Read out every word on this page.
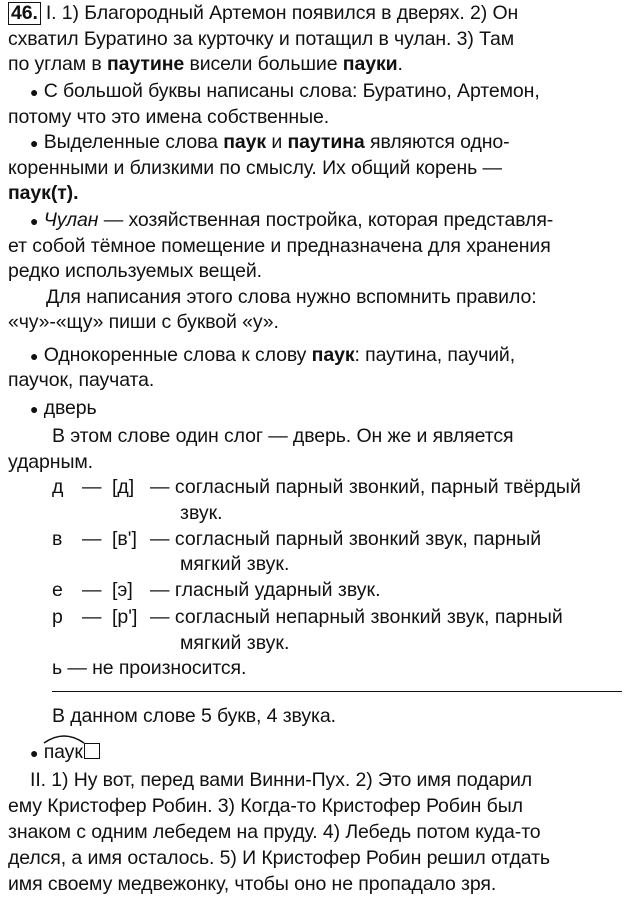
46. I. 1) Благородный Артемон появился в дверях. 2) Он
схватил Буратино за курточку и потащил в чулан. 3) Там
по углам в паутине висели большие пауки.
● С большой буквы написаны слова: Буратино, Артемон,
потому что это имена собственные.
● Выделенные слова паук и паутина являются одно-
коренными и близкими по смыслу. Их общий корень —
паук(т).
● Чулан — хозяйственная постройка, которая представля-
ет собой тёмное помещение и предназначена для хранения
редко используемых вещей.
Для написания этого слова нужно вспомнить правило:
«чу»-«щу» пиши с буквой «у».
● Однокоренные слова к слову паук: паутина, паучий,
паучок, паучата.
● дверь
В этом слове один слог — дверь. Он же и является
ударным.
д — [д] — согласный парный звонкий, парный твёрдый
звук.
в — [в'] — согласный парный звонкий звук, парный
мягкий звук.
е — [э] — гласный ударный звук.
р — [р'] — согласный непарный звонкий звук, парный
мягкий звук.
ь — не произносится.
В данном слове 5 букв, 4 звука.
● паук
II. 1) Ну вот, перед вами Винни-Пух. 2) Это имя подарил
ему Кристофер Робин. 3) Когда-то Кристофер Робин был
знаком с одним лебедем на пруду. 4) Лебедь потом куда-то
делся, а имя осталось. 5) И Кристофер Робин решил отдать
имя своему медвежонку, чтобы оно не пропадало зря.
